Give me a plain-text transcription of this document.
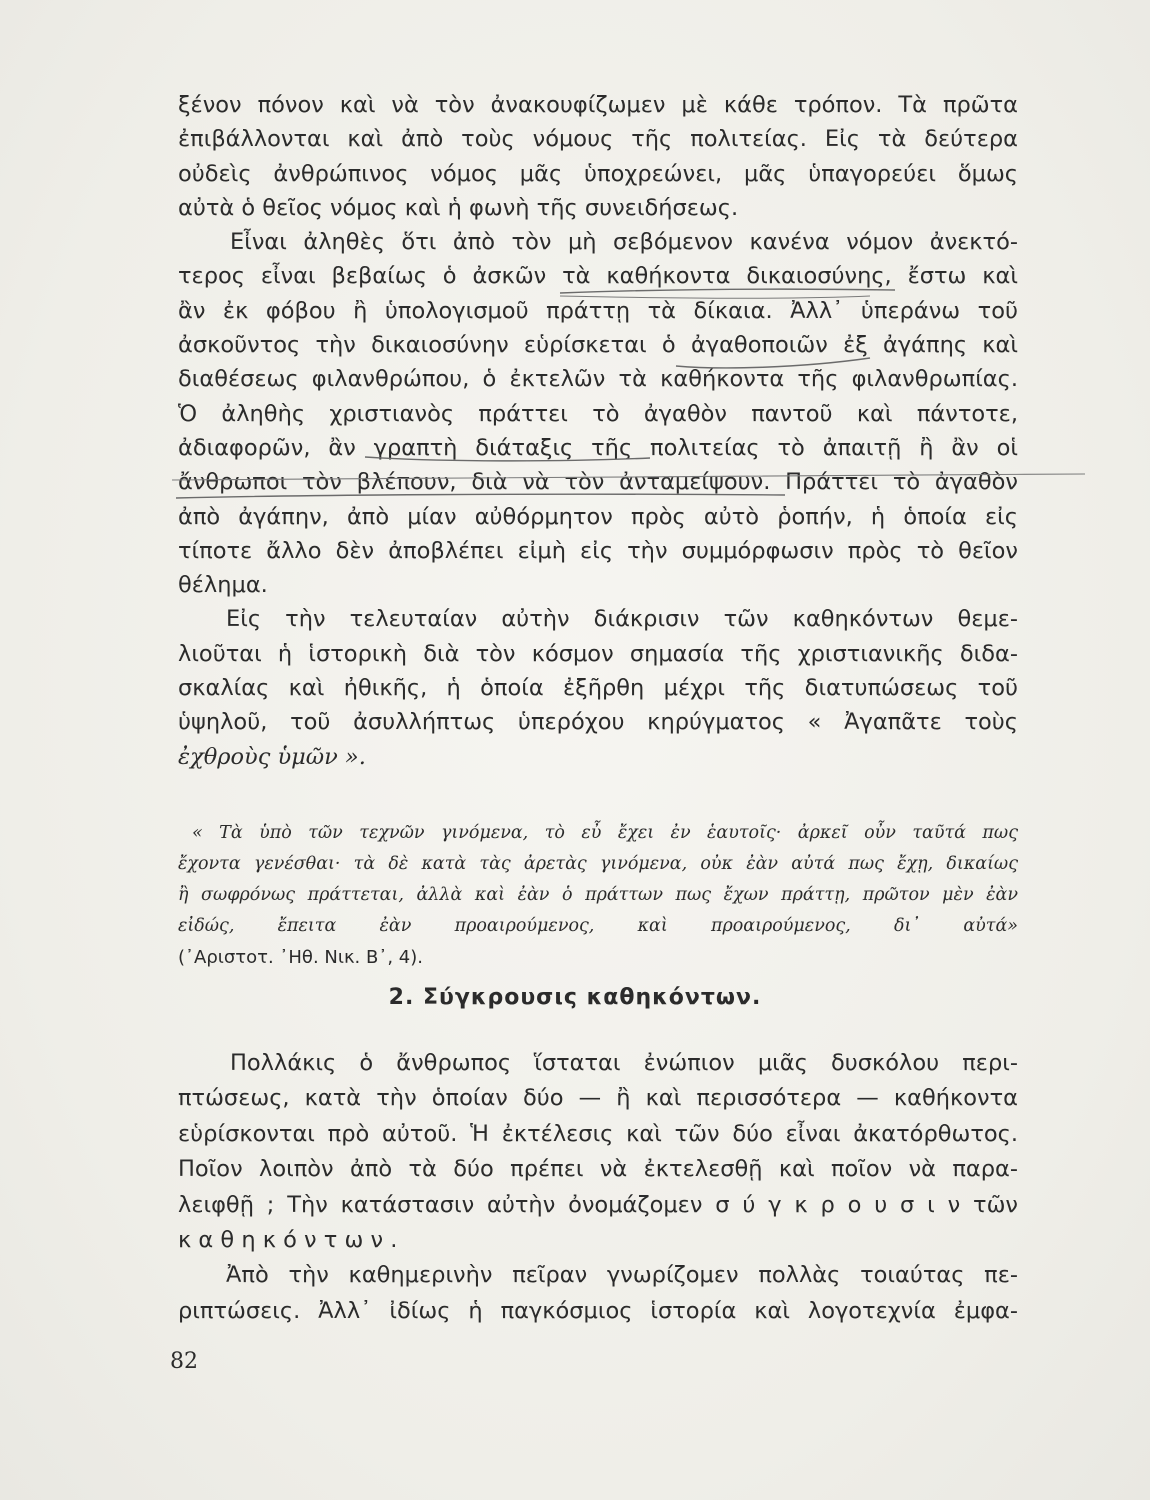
ξένον πόνον καὶ νὰ τὸν ἀνακουφίζωμεν μὲ κάθε τρόπον. Τὰ πρῶτα
ἐπιβάλλονται καὶ ἀπὸ τοὺς νόμους τῆς πολιτείας. Εἰς τὰ δεύτερα
οὐδεὶς ἀνθρώπινος νόμος μᾶς ὑποχρεώνει, μᾶς ὑπαγορεύει ὅμως
αὐτὰ ὁ θεῖος νόμος καὶ ἡ φωνὴ τῆς συνειδήσεως.
Εἶναι ἀληθὲς ὅτι ἀπὸ τὸν μὴ σεβόμενον κανένα νόμον ἀνεκτό-
τερος εἶναι βεβαίως ὁ ἀσκῶν τὰ καθήκοντα δικαιοσύνης, ἔστω καὶ
ἂν ἐκ φόβου ἢ ὑπολογισμοῦ πράττῃ τὰ δίκαια. Ἀλλ᾽ ὑπεράνω τοῦ
ἀσκοῦντος τὴν δικαιοσύνην εὑρίσκεται ὁ ἀγαθοποιῶν ἐξ ἀγάπης καὶ
διαθέσεως φιλανθρώπου, ὁ ἐκτελῶν τὰ καθήκοντα τῆς φιλανθρωπίας.
Ὁ ἀληθὴς χριστιανὸς πράττει τὸ ἀγαθὸν παντοῦ καὶ πάντοτε,
ἀδιαφορῶν, ἂν γραπτὴ διάταξις τῆς πολιτείας τὸ ἀπαιτῇ ἢ ἂν οἱ
ἄνθρωποι τὸν βλέπουν, διὰ νὰ τὸν ἀνταμείψουν. Πράττει τὸ ἀγαθὸν
ἀπὸ ἀγάπην, ἀπὸ μίαν αὐθόρμητον πρὸς αὐτὸ ῥοπήν, ἡ ὁποία εἰς
τίποτε ἄλλο δὲν ἀποβλέπει εἰμὴ εἰς τὴν συμμόρφωσιν πρὸς τὸ θεῖον
θέλημα.
Εἰς τὴν τελευταίαν αὐτὴν διάκρισιν τῶν καθηκόντων θεμε-
λιοῦται ἡ ἱστορικὴ διὰ τὸν κόσμον σημασία τῆς χριστιανικῆς διδα-
σκαλίας καὶ ἠθικῆς, ἡ ὁποία ἐξῆρθη μέχρι τῆς διατυπώσεως τοῦ
ὑψηλοῦ, τοῦ ἀσυλλήπτως ὑπερόχου κηρύγματος « Ἀγαπᾶτε τοὺς
ἐχθροὺς ὑμῶν ».
« Τὰ ὑπὸ τῶν τεχνῶν γινόμενα, τὸ εὖ ἔχει ἐν ἑαυτοῖς· ἀρκεῖ οὖν ταῦτά πως
ἔχοντα γενέσθαι· τὰ δὲ κατὰ τὰς ἀρετὰς γινόμενα, οὐκ ἐὰν αὐτά πως ἔχῃ, δικαίως
ἢ σωφρόνως πράττεται, ἀλλὰ καὶ ἐὰν ὁ πράττων πως ἔχων πράττῃ, πρῶτον μὲν ἐὰν
εἰδώς, ἔπειτα ἐὰν προαιρούμενος, καὶ προαιρούμενος, δι᾽ αὐτά»
(᾽Αριστοτ. ᾽Ηθ. Νικ. Β᾽, 4).
2. Σύγκρουσις καθηκόντων.
Πολλάκις ὁ ἄνθρωπος ἵσταται ἐνώπιον μιᾶς δυσκόλου περι-
πτώσεως, κατὰ τὴν ὁποίαν δύο — ἢ καὶ περισσότερα — καθήκοντα
εὑρίσκονται πρὸ αὐτοῦ. Ἡ ἐκτέλεσις καὶ τῶν δύο εἶναι ἀκατόρθωτος.
Ποῖον λοιπὸν ἀπὸ τὰ δύο πρέπει νὰ ἐκτελεσθῇ καὶ ποῖον νὰ παρα-
λειφθῇ ; Τὴν κατάστασιν αὐτὴν ὀνομάζομεν σ ύ γ κ ρ ο υ σ ι ν τῶν
κ α θ η κ ό ν τ ω ν .
Ἀπὸ τὴν καθημερινὴν πεῖραν γνωρίζομεν πολλὰς τοιαύτας πε-
ριπτώσεις. Ἀλλ᾽ ἰδίως ἡ παγκόσμιος ἱστορία καὶ λογοτεχνία ἐμφα-
82
